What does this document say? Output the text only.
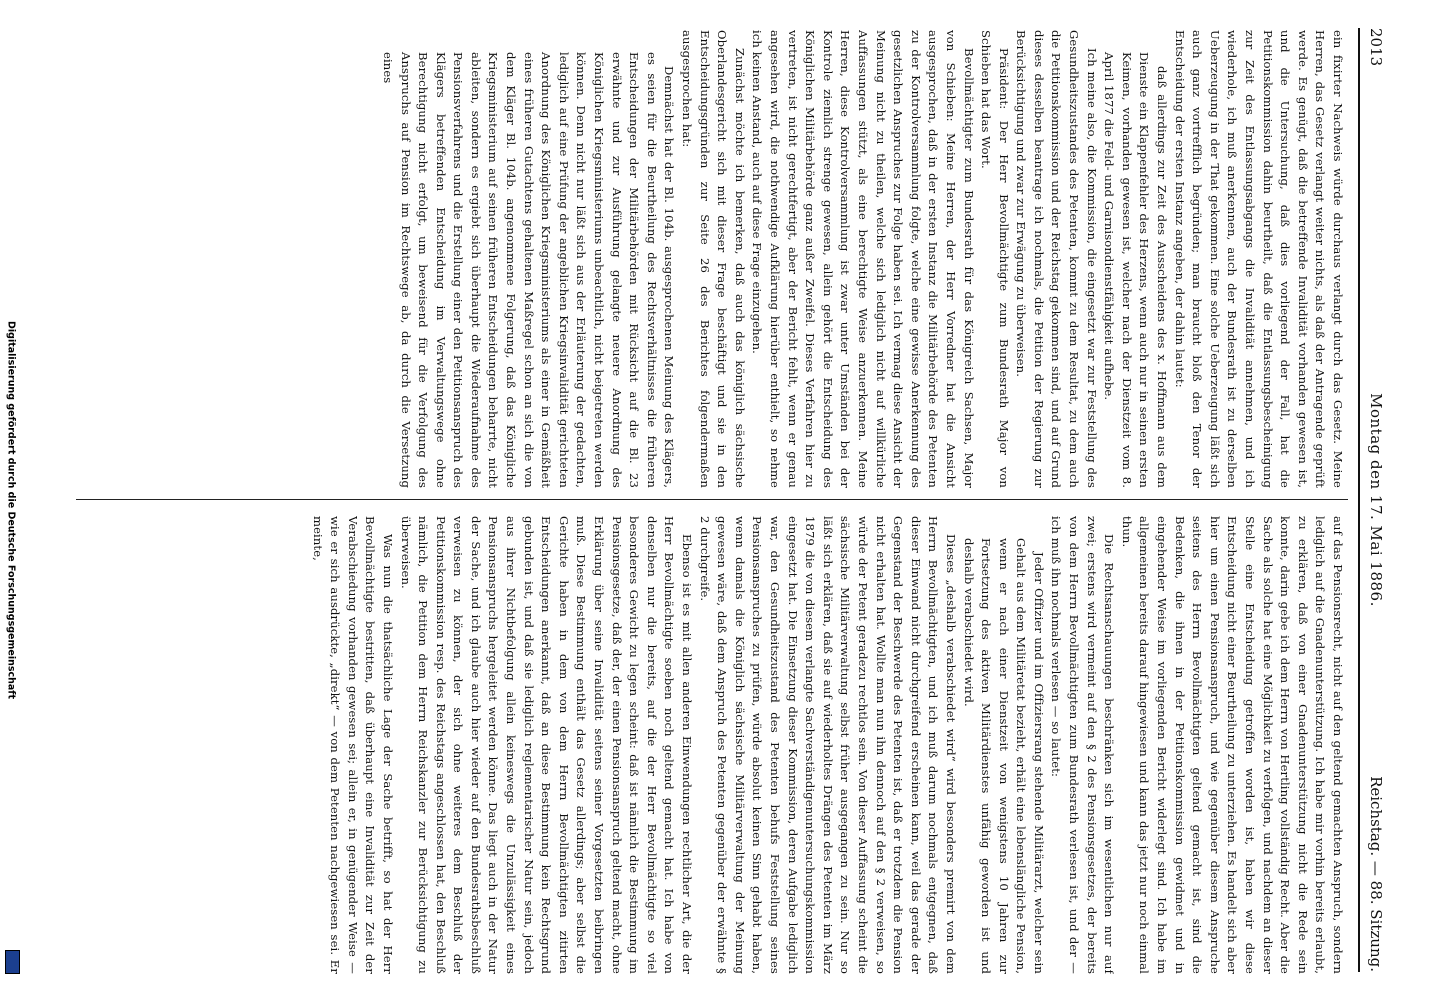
2013
Montag den 17. Mai 1886.
Reichstag. — 88. Sitzung.

ein fixirter Nachweis würde durchaus verlangt durch das Gesetz. Meine Herren, das Gesetz verlangt weiter nichts, als daß der Antragende geprüft werde. Es genügt, daß die betreffende Invalidität vorhanden gewesen ist, und die Untersuchung, daß dies vorliegend der Fall, hat die Petitionskommission dahin beurtheilt, daß die Entlassungsbescheinigung zur Zeit des Entlassungsabgangs die Invalidität annehmen, und ich wiederhole, ich muß anerkennen, auch der Bundesrath ist zu derselben Ueberzeugung in der That gekommen. Eine solche Ueberzeugung läßt sich auch ganz vortrefflich begründen; man braucht bloß den Tenor der Entscheidung der ersten Instanz angeben, der dahin lautet:

daß allerdings zur Zeit des Ausscheidens des x. Hoffmann aus dem Dienste ein Klappenfehler des Herzens, wenn auch nur in seinen ersten Keimen, vorhanden gewesen ist, welcher nach der Dienstzeit vom 8. April 1877 die Feld- und Garnisondienstfähigkeit aufhebe.

Ich meine also, die Kommission, die eingesetzt war zur Feststellung des Gesundheitszustandes des Petenten, kommt zu dem Resultat, zu dem auch die Petitionskommission und der Reichstag gekommen sind, und auf Grund dieses desselben beantrage ich nochmals, die Petition der Regierung zur Berücksichtigung und zwar zur Erwägung zu überweisen.

Präsident: Der Herr Bevollmächtigte zum Bundesrath Major von Schieben hat das Wort.

Bevollmächtigter zum Bundesrath für das Königreich Sachsen, Major von Schieben: Meine Herren, der Herr Vorredner hat die Ansicht ausgesprochen, daß in der ersten Instanz die Militärbehörde des Petenten zu der Kontrolversammlung folgte, welche eine gewisse Anerkennung des gesetzlichen Anspruches zur Folge haben sei. Ich vermag diese Ansicht der Meinung nicht zu theilen, welche sich lediglich nicht auf willkürliche Auffassungen stützt, als eine berechtigte Weise anzuerkennen. Meine Herren, diese Kontrolversammlung ist zwar unter Umständen bei der Kontrole ziemlich strenge gewesen, allein gehört die Entscheidung des Königlichen Militärbehörde ganz außer Zweifel. Dieses Verfahren hier zu vertreten, ist nicht gerechtfertigt, aber der Bericht fehlt, wenn er genau angesehen wird, die nothwendige Aufklärung hierüber enthielt, so nehme ich keinen Anstand, auch auf diese Frage einzugehen.

Zunächst möchte ich bemerken, daß auch das königlich sächsische Oberlandesgericht sich mit dieser Frage beschäftigt und sie in den Entscheidungsgründen zur Seite 26 des Berichtes folgendermaßen ausgesprochen hat:

Demnächst hat der Bl. 104b. ausgesprochenen Meinung des Klägers, es seien für die Beurtheilung des Rechtsverhältnisses die früheren Entscheidungen der Militärbehörden mit Rücksicht auf die Bl. 23 erwähnte und zur Ausführung gelangte neuere Anordnung des Königlichen Kriegsministeriums unbeachtlich, nicht beigetreten werden können. Denn nicht nur läßt sich aus der Erläuterung der gedachten, lediglich auf eine Prüfung der angeblichen Kriegsinvalidität gerichteten Anordnung des Königlichen Kriegsministeriums als einer in Gemäßheit eines früheren Gutachtens gehaltenen Maßregel schon an sich die von dem Kläger Bl. 104b. angenommene Folgerung, daß das Königliche Kriegsministerium auf seinen früheren Entscheidungen beharrte, nicht ableiten, sondern es ergiebt sich überhaupt die Wiederaufnahme des Pensionsverfahrens und die Erstellung einer den Petitionsanspruch des Klägers betreffenden Entscheidung im Verwaltungswege ohne Berechtigung nicht erfolgt, um beweisend für die Verfolgung des Anspruchs auf Pension im Rechtswege ab, da durch die Versetzung eines

auf das Pensionsrecht, nicht auf den geltend gemachten Anspruch, sondern lediglich auf die Gnadenunterstützung. Ich habe mir vorhin bereits erlaubt, zu erklären, daß von einer Gnadenunterstützung nicht die Rede sein konnte, darin gebe ich dem Herrn von Hertling vollständig Recht. Aber die Sache als solche hat eine Möglichkeit zu verfolgen, und nachdem an dieser Stelle eine Entscheidung getroffen worden ist, haben wir diese Entscheidung nicht einer Beurtheilung zu unterziehen. Es handelt sich aber hier um einen Pensionsanspruch, und wie gegenüber diesem Anspruche seitens des Herrn Bevollmächtigten geltend gemacht ist, sind die Bedenken, die ihnen in der Petitionskommission gewidmet und in eingehender Weise im vorliegenden Bericht widerlegt sind. Ich habe im allgemeinen bereits darauf hingewiesen und kann das jetzt nur noch einmal thun.

Die Rechtsanschauungen beschränken sich im wesentlichen nur auf zwei; erstens wird vermeint auf den § 2 des Pensionsgesetzes, der bereits von dem Herrn Bevollmächtigten zum Bundesrath verlesen ist, und der — ich muß ihn nochmals verlesen — so lautet:

Jeder Offizier und im Offiziersrang stehende Militärarzt, welcher sein Gehalt aus dem Militäretat bezieht, erhält eine lebenslängliche Pension, wenn er nach einer Dienstzeit von wenigstens 10 Jahren zur Fortsetzung des aktiven Militärdienstes unfähig geworden ist und deshalb verabschiedet wird.

Dieses „deshalb verabschiedet wird“ wird besonders premirt von dem Herrn Bevollmächtigten, und ich muß darum nochmals entgegnen, daß dieser Einwand nicht durchgreifend erscheinen kann, weil das gerade der Gegenstand der Beschwerde des Petenten ist, daß er trotzdem die Pension nicht erhalten hat. Wollte man nun ihn dennoch auf den § 2 verweisen, so würde der Petent geradezu rechtlos sein. Von dieser Auffassung scheint die sächsische Militärverwaltung selbst früher ausgegangen zu sein. Nur so läßt sich erklären, daß sie auf wiederholtes Drängen des Petenten im März 1879 die von diesem verlangte Sachverständigenuntersuchungskommission eingesetzt hat. Die Einsetzung dieser Kommission, deren Aufgabe lediglich war, den Gesundheitszustand des Petenten behufs Feststellung seines Pensionsanspruches zu prüfen, würde absolut keinen Sinn gehabt haben, wenn damals die Königlich sächsische Militärverwaltung der Meinung gewesen wäre, daß dem Anspruch des Petenten gegenüber der erwähnte § 2 durchgreife.

Ebenso ist es mit allen anderen Einwendungen rechtlicher Art, die der Herr Bevollmächtigte soeben noch geltend gemacht hat. Ich habe von denselben nur die bereits, auf die der Herr Bevollmächtigte so viel besonderes Gewicht zu legen scheint: daß ist nämlich die Bestimmung im Pensionsgesetze, daß der, der einen Pensionsanspruch geltend macht, ohne Erklärung über seine Invalidität seitens seiner Vorgesetzten beibringen muß. Diese Bestimmung enthält das Gesetz allerdings; aber selbst die Gerichte haben in dem von dem Herrn Bevollmächtigten zitirten Entscheidungen anerkannt, daß an diese Bestimmung kein Rechtsgrund gebunden ist, und daß sie lediglich reglementarischer Natur sein, jedoch aus ihrer Nichtbefolgung allein keineswegs die Unzulässigkeit eines Pensionsanspruchs hergeleitet werden könne. Das liegt auch in der Natur der Sache, und ich glaube auch hier wieder auf den Bundesrathsbeschluß verweisen zu können, der sich ohne weiteres dem Beschluß der Petitionskommission resp. des Reichstags angeschlossen hat, den Beschluß nämlich, die Petition dem Herrn Reichskanzler zur Berücksichtigung zu überweisen.

Was nun die thatsächliche Lage der Sache betrifft, so hat der Herr Bevollmächtigte bestritten, daß überhaupt eine Invalidität zur Zeit der Verabschiedung vorhanden gewesen sei; allein er, in genügender Weise — wie er sich ausdrückte, „direkt“ — von dem Petenten nachgewiesen sei. Er meinte,

Digitalisierung gefördert durch die Deutsche Forschungsgemeinschaft
